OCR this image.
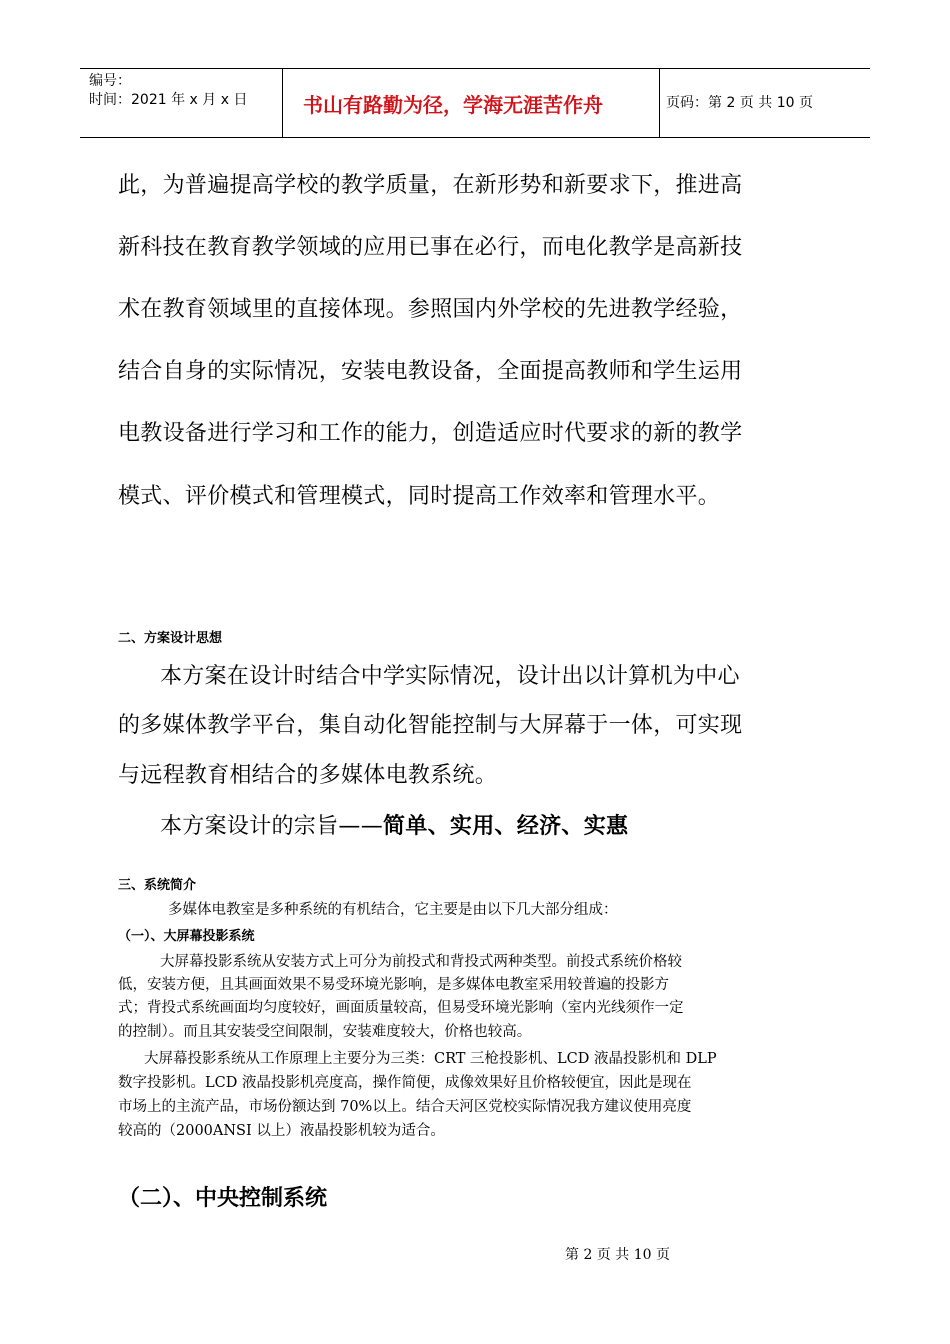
编号：
时间：2021 年 x 月 x 日	书山有路勤为径，学海无涯苦作舟	页码：第 2 页 共 10 页
此，为普遍提高学校的教学质量，在新形势和新要求下，推进高
新科技在教育教学领域的应用已事在必行，而电化教学是高新技
术在教育领域里的直接体现。参照国内外学校的先进教学经验，
结合自身的实际情况，安装电教设备，全面提高教师和学生运用
电教设备进行学习和工作的能力，创造适应时代要求的新的教学
模式、评价模式和管理模式，同时提高工作效率和管理水平。
二、方案设计思想
本方案在设计时结合中学实际情况，设计出以计算机为中心
的多媒体教学平台，集自动化智能控制与大屏幕于一体，可实现
与远程教育相结合的多媒体电教系统。
本方案设计的宗旨——简单、实用、经济、实惠
三、系统简介
多媒体电教室是多种系统的有机结合，它主要是由以下几大部分组成：
（一）、大屏幕投影系统
大屏幕投影系统从安装方式上可分为前投式和背投式两种类型。前投式系统价格较
低，安装方便，且其画面效果不易受环境光影响，是多媒体电教室采用较普遍的投影方
式；背投式系统画面均匀度较好，画面质量较高，但易受环境光影响（室内光线须作一定
的控制）。而且其安装受空间限制，安装难度较大，价格也较高。
大屏幕投影系统从工作原理上主要分为三类：CRT 三枪投影机、LCD 液晶投影机和 DLP
数字投影机。LCD 液晶投影机亮度高，操作简便，成像效果好且价格较便宜，因此是现在
市场上的主流产品，市场份额达到 70%以上。结合天河区党校实际情况我方建议使用亮度
较高的（2000ANSI 以上）液晶投影机较为适合。
（二）、中央控制系统
第 2 页 共 10 页
